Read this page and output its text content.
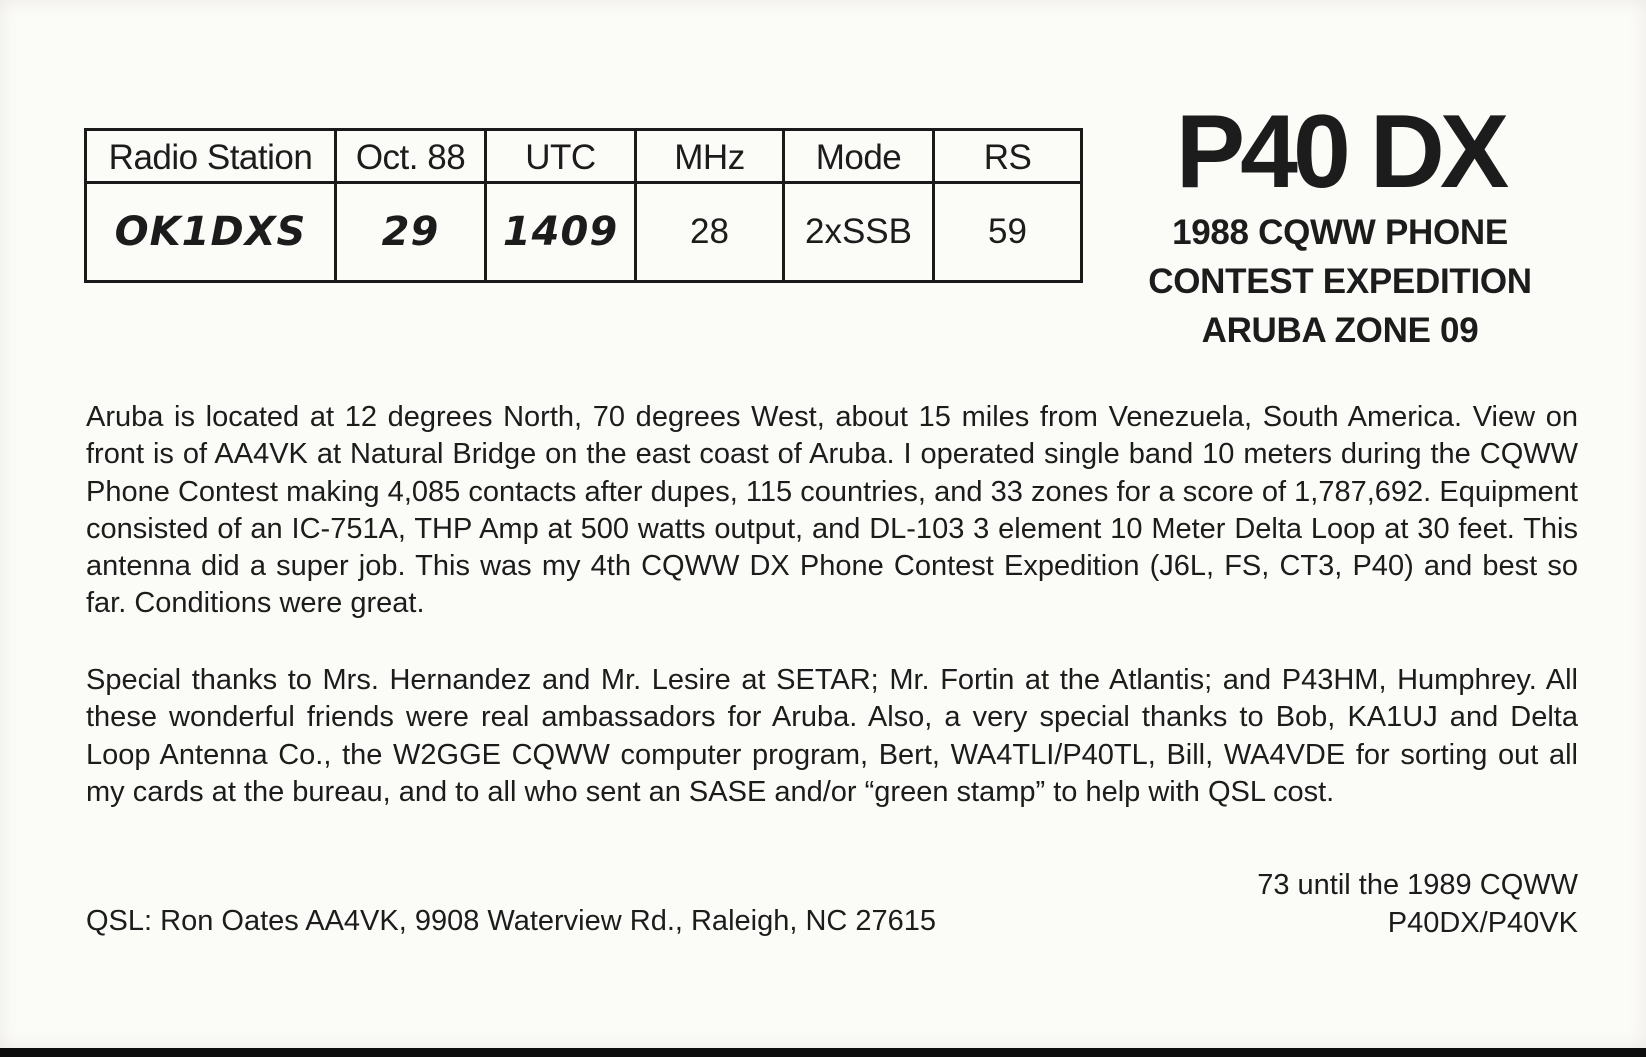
Radio Station	Oct. 88	UTC	MHz	Mode	RS
OK1DXS	29	1409	28	2xSSB	59
P40 DX
1988 CQWW PHONE
CONTEST EXPEDITION
ARUBA ZONE 09

Aruba is located at 12 degrees North, 70 degrees West, about 15 miles from Venezuela, South America. View on front is of AA4VK at Natural Bridge on the east coast of Aruba. I operated single band 10 meters during the CQWW Phone Contest making 4,085 contacts after dupes, 115 countries, and 33 zones for a score of 1,787,692. Equipment consisted of an IC-751A, THP Amp at 500 watts output, and DL-103 3 element 10 Meter Delta Loop at 30 feet. This antenna did a super job. This was my 4th CQWW DX Phone Contest Expedition (J6L, FS, CT3, P40) and best so far. Conditions were great.

Special thanks to Mrs. Hernandez and Mr. Lesire at SETAR; Mr. Fortin at the Atlantis; and P43HM, Humphrey. All these wonderful friends were real ambassadors for Aruba. Also, a very special thanks to Bob, KA1UJ and Delta Loop Antenna Co., the W2GGE CQWW computer program, Bert, WA4TLI/P40TL, Bill, WA4VDE for sorting out all my cards at the bureau, and to all who sent an SASE and/or “green stamp” to help with QSL cost.

QSL: Ron Oates AA4VK, 9908 Waterview Rd., Raleigh, NC 27615
73 until the 1989 CQWW
P40DX/P40VK
